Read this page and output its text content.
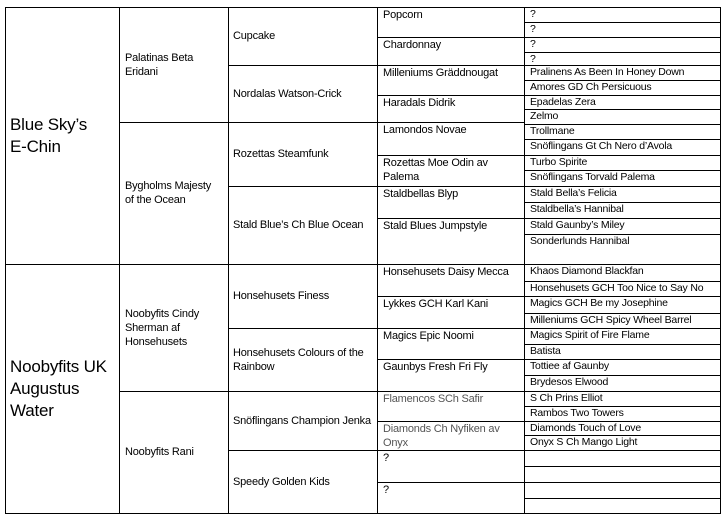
Blue Sky’s
E-Chin
Noobyfits UK
Augustus
Water
Palatinas Beta
Eridani
Bygholms Majesty
of the Ocean
Noobyfits Cindy
Sherman af
Honsehusets
Noobyfits Rani
Cupcake
Nordalas Watson-Crick
Rozettas Steamfunk
Stald Blue’s Ch Blue Ocean
Honsehusets Finess
Honsehusets Colours of the
Rainbow
Snöflingans Champion Jenka
Speedy Golden Kids
Popcorn
Chardonnay
Milleniums Gräddnougat
Haradals Didrik
Lamondos Novae
Rozettas Moe Odin av
Palema
Staldbellas Blyp
Stald Blues Jumpstyle
Honsehusets Daisy Mecca
Lykkes GCH Karl Kani
Magics Epic Noomi
Gaunbys Fresh Fri Fly
Flamencos SCh Safir
Diamonds Ch Nyfiken av
Onyx
?
?
?
?
?
?
Pralinens As Been In Honey Down
Amores GD Ch Persicuous
Epadelas Zera
Zelmo
Trollmane
Snöflingans Gt Ch Nero d’Avola
Turbo Spirite
Snöflingans Torvald Palema
Stald Bella’s Felicia
Staldbella’s Hannibal
Stald Gaunby’s Miley
Sonderlunds Hannibal
Khaos Diamond Blackfan
Honsehusets GCH Too Nice to Say No
Magics GCH Be my Josephine
Milleniums GCH Spicy Wheel Barrel
Magics Spirit of Fire Flame
Batista
Tottiee af Gaunby
Brydesos Elwood
S Ch Prins Elliot
Rambos Two Towers
Diamonds Touch of Love
Onyx S Ch Mango Light
